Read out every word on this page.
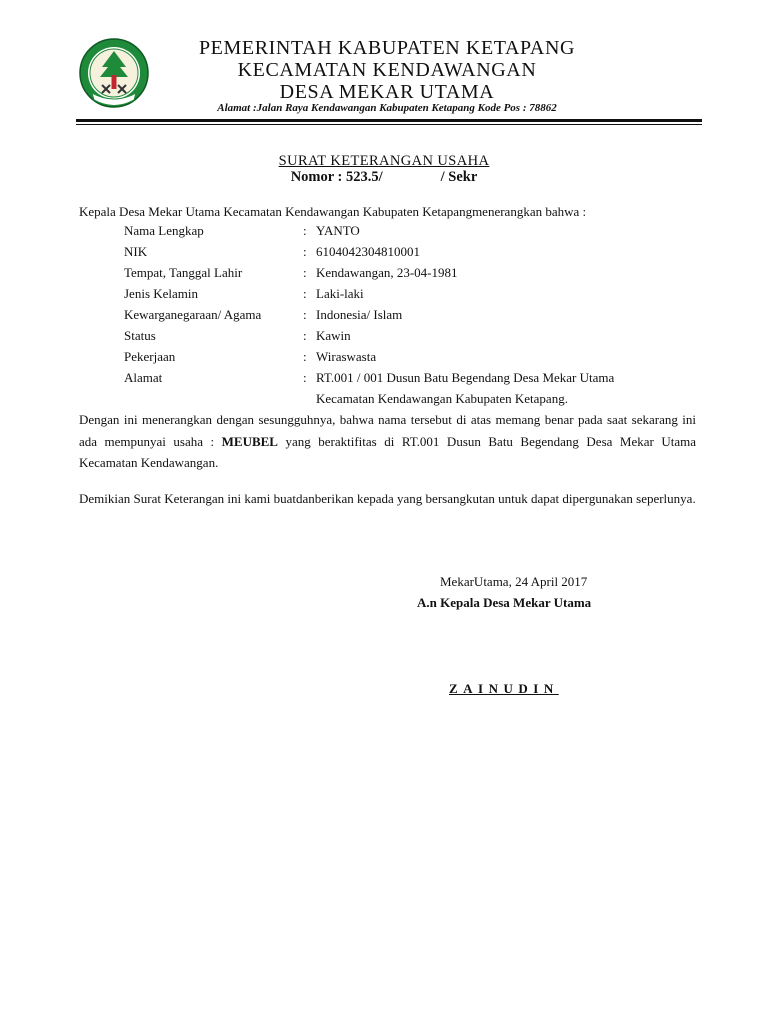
PEMERINTAH KABUPATEN KETAPANG
KECAMATAN KENDAWANGAN
DESA MEKAR UTAMA
Alamat :Jalan Raya Kendawangan Kabupaten Ketapang Kode Pos : 78862
SURAT KETERANGAN USAHA
Nomor : 523.5/	/ Sekr
Kepala Desa Mekar Utama Kecamatan Kendawangan Kabupaten Ketapangmenerangkan bahwa :
Nama Lengkap	: YANTO
NIK	: 6104042304810001
Tempat, Tanggal Lahir	: Kendawangan, 23-04-1981
Jenis Kelamin	: Laki-laki
Kewarganegaraan/ Agama	: Indonesia/ Islam
Status	: Kawin
Pekerjaan	: Wiraswasta
Alamat	: RT.001 / 001 Dusun Batu Begendang Desa Mekar Utama
Kecamatan Kendawangan Kabupaten Ketapang.
Dengan ini menerangkan dengan sesungguhnya, bahwa nama tersebut di atas memang benar pada saat sekarang ini ada mempunyai usaha : MEUBEL yang beraktifitas di RT.001 Dusun Batu Begendang Desa Mekar Utama Kecamatan Kendawangan.
Demikian Surat Keterangan ini kami buatdanberikan kepada yang bersangkutan untuk dapat dipergunakan seperlunya.
MekarUtama, 24 April 2017
A.n Kepala Desa Mekar Utama
ZAINUDIN
